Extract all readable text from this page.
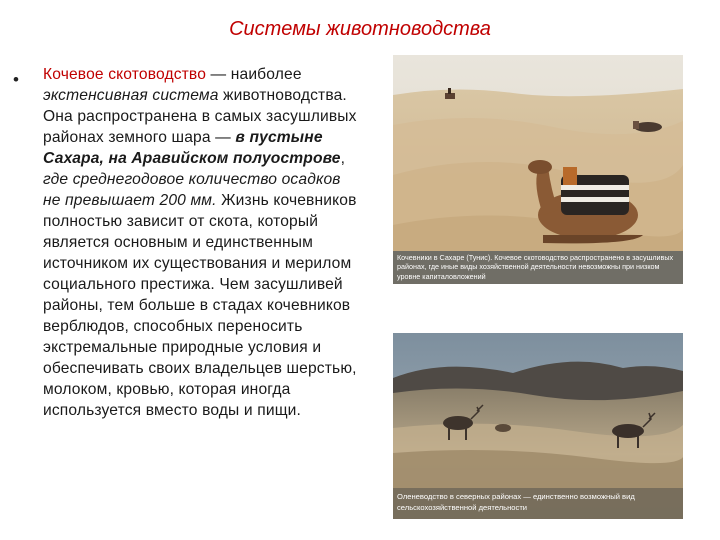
Системы животноводства
• Кочевое скотоводство — наиболее экстенсивная система животноводства. Она распространена в самых засушливых районах земного шара — в пустыне Сахара, на Аравийском полуострове, где среднегодовое количество осадков не превышает 200 мм. Жизнь кочевников полностью зависит от скота, который является основным и единственным источником их существования и мерилом социального престижа. Чем засушливей районы, тем больше в стадах кочевников верблюдов, способных переносить экстремальные природные условия и обеспечивать своих владельцев шерстью, молоком, кровью, которая иногда используется вместо воды и пищи.
Кочевники в Сахаре (Тунис). Кочевое скотоводство распространено в засушливых районах, где иные виды хозяйственной деятельности невозможны при низком уровне капиталовложений
Оленеводство в северных районах — единственно возможный вид сельскохозяйственной деятельности
